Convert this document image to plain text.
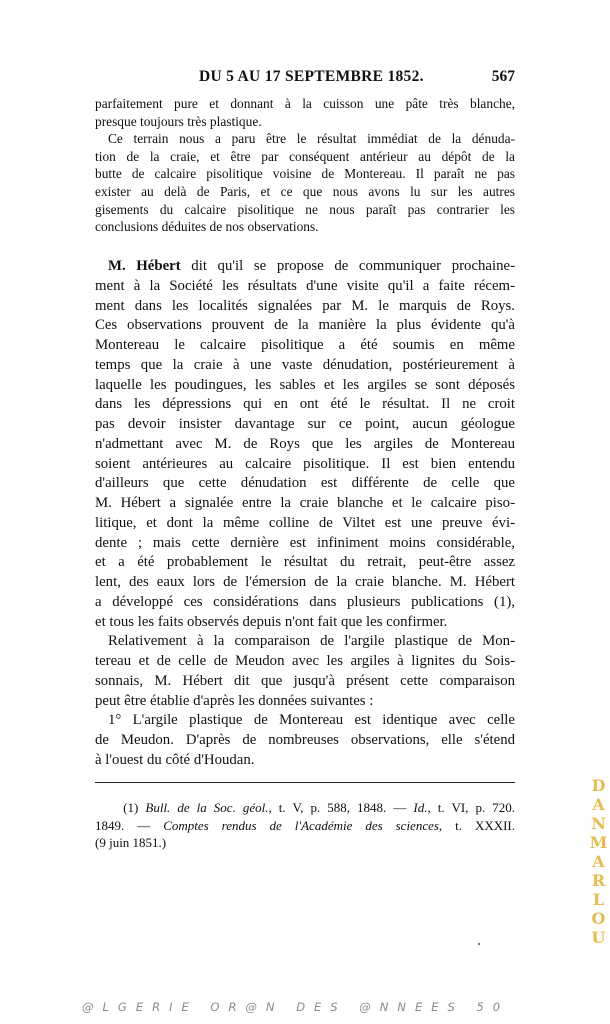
DU 5 AU 17 SEPTEMBRE 1852.	567
parfaitement pure et donnant à la cuisson une pâte très blanche,
presque toujours très plastique.
Ce terrain nous a paru être le résultat immédiat de la dénuda-
tion de la craie, et être par conséquent antérieur au dépôt de la
butte de calcaire pisolitique voisine de Montereau. Il paraît ne pas
exister au delà de Paris, et ce que nous avons lu sur les autres
gisements du calcaire pisolitique ne nous paraît pas contrarier les
conclusions déduites de nos observations.
M. Hébert dit qu'il se propose de communiquer prochaine-
ment à la Société les résultats d'une visite qu'il a faite récem-
ment dans les localités signalées par M. le marquis de Roys.
Ces observations prouvent de la manière la plus évidente qu'à
Montereau le calcaire pisolitique a été soumis en même
temps que la craie à une vaste dénudation, postérieurement à
laquelle les poudingues, les sables et les argiles se sont déposés
dans les dépressions qui en ont été le résultat. Il ne croit
pas devoir insister davantage sur ce point, aucun géologue
n'admettant avec M. de Roys que les argiles de Montereau
soient antérieures au calcaire pisolitique. Il est bien entendu
d'ailleurs que cette dénudation est différente de celle que
M. Hébert a signalée entre la craie blanche et le calcaire piso-
litique, et dont la même colline de Viltet est une preuve évi-
dente ; mais cette dernière est infiniment moins considérable,
et a été probablement le résultat du retrait, peut-être assez
lent, des eaux lors de l'émersion de la craie blanche. M. Hébert
a développé ces considérations dans plusieurs publications (1),
et tous les faits observés depuis n'ont fait que les confirmer.
Relativement à la comparaison de l'argile plastique de Mon-
tereau et de celle de Meudon avec les argiles à lignites du Sois-
sonnais, M. Hébert dit que jusqu'à présent cette comparaison
peut être établie d'après les données suivantes :
1° L'argile plastique de Montereau est identique avec celle
de Meudon. D'après de nombreuses observations, elle s'étend
à l'ouest du côté d'Houdan.
(1) Bull. de la Soc. géol., t. V, p. 588, 1848. — Id., t. VI, p. 720.
1849. — Comptes rendus de l'Académie des sciences, t. XXXII.
(9 juin 1851.)	DANMARLOU
@LGERIE OR@N DES @NNEES 50
